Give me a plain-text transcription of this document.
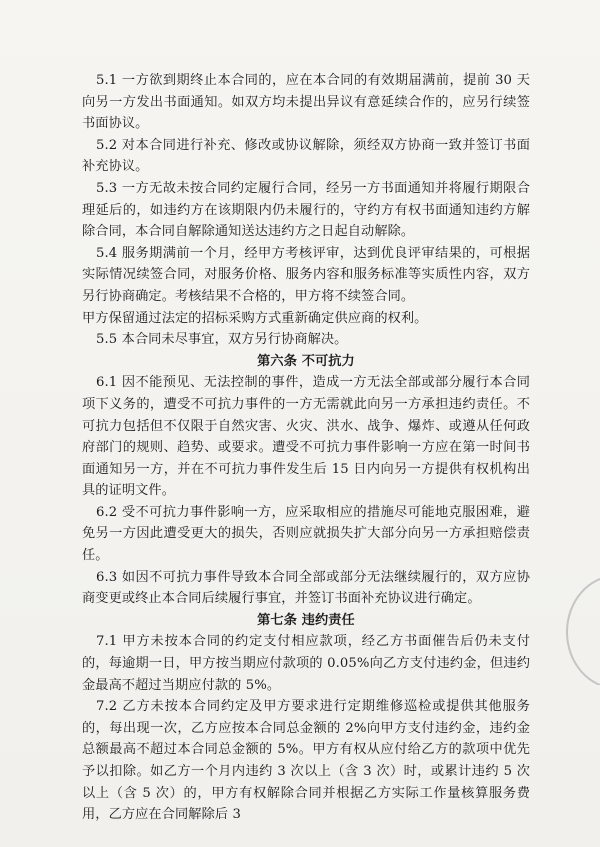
5.1 一方欲到期终止本合同的，应在本合同的有效期届满前，提前 30 天向另一方发出书面通知。如双方均未提出异议有意延续合作的，应另行续签书面协议。

5.2 对本合同进行补充、修改或协议解除，须经双方协商一致并签订书面补充协议。

5.3 一方无故未按合同约定履行合同，经另一方书面通知并将履行期限合理延后的，如违约方在该期限内仍未履行的，守约方有权书面通知违约方解除合同，本合同自解除通知送达违约方之日起自动解除。

5.4 服务期满前一个月，经甲方考核评审，达到优良评审结果的，可根据实际情况续签合同，对服务价格、服务内容和服务标准等实质性内容，双方另行协商确定。考核结果不合格的，甲方将不续签合同。

甲方保留通过法定的招标采购方式重新确定供应商的权利。

5.5 本合同未尽事宜，双方另行协商解决。

第六条 不可抗力

6.1 因不能预见、无法控制的事件，造成一方无法全部或部分履行本合同项下义务的，遭受不可抗力事件的一方无需就此向另一方承担违约责任。不可抗力包括但不仅限于自然灾害、火灾、洪水、战争、爆炸、或遵从任何政府部门的规则、趋势、或要求。遭受不可抗力事件影响一方应在第一时间书面通知另一方，并在不可抗力事件发生后 15 日内向另一方提供有权机构出具的证明文件。

6.2 受不可抗力事件影响一方，应采取相应的措施尽可能地克服困难，避免另一方因此遭受更大的损失，否则应就损失扩大部分向另一方承担赔偿责任。

6.3 如因不可抗力事件导致本合同全部或部分无法继续履行的，双方应协商变更或终止本合同后续履行事宜，并签订书面补充协议进行确定。

第七条 违约责任

7.1 甲方未按本合同的约定支付相应款项，经乙方书面催告后仍未支付的，每逾期一日，甲方按当期应付款项的 0.05%向乙方支付违约金，但违约金最高不超过当期应付款的 5%。

7.2 乙方未按本合同约定及甲方要求进行定期维修巡检或提供其他服务的，每出现一次，乙方应按本合同总金额的 2%向甲方支付违约金，违约金总额最高不超过本合同总金额的 5%。甲方有权从应付给乙方的款项中优先予以扣除。如乙方一个月内违约 3 次以上（含 3 次）时，或累计违约 5 次以上（含 5 次）的，甲方有权解除合同并根据乙方实际工作量核算服务费用，乙方应在合同解除后 3
